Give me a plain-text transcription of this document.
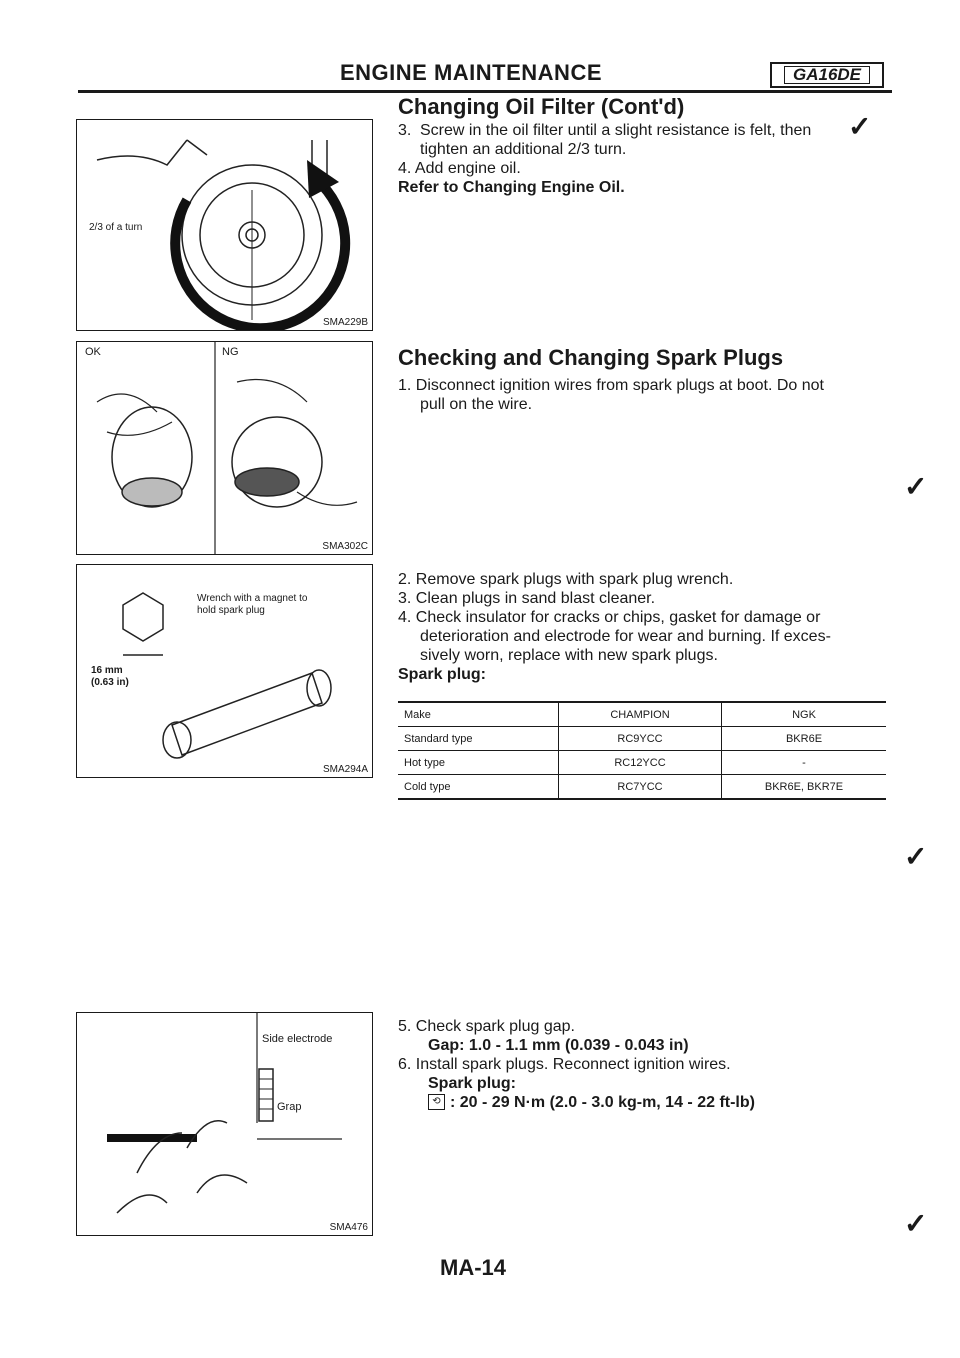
ENGINE MAINTENANCE	GA16DE
Changing Oil Filter (Cont'd)
3. Screw in the oil filter until a slight resistance is felt, then ✓
tighten an additional 2/3 turn.
4. Add engine oil.
Refer to Changing Engine Oil.
2/3 of a turn
SMA229B
Checking and Changing Spark Plugs
1. Disconnect ignition wires from spark plugs at boot. Do not
pull on the wire.
✓
OK	NG
SMA302C
Wrench with a magnet to
hold spark plug
16 mm
(0.63 in)
SMA294A
2. Remove spark plugs with spark plug wrench.
3. Clean plugs in sand blast cleaner.
4. Check insulator for cracks or chips, gasket for damage or
deterioration and electrode for wear and burning. If exces-
sively worn, replace with new spark plugs.
Spark plug:
Make	CHAMPION	NGK
Standard type	RC9YCC	BKR6E
Hot type	RC12YCC	-
Cold type	RC7YCC	BKR6E, BKR7E
✓
Side electrode
Grap
SMA476
5. Check spark plug gap.
Gap: 1.0 - 1.1 mm (0.039 - 0.043 in)
6. Install spark plugs. Reconnect ignition wires.
Spark plug:
⟲ : 20 - 29 N·m (2.0 - 3.0 kg-m, 14 - 22 ft-lb)
✓
MA-14
